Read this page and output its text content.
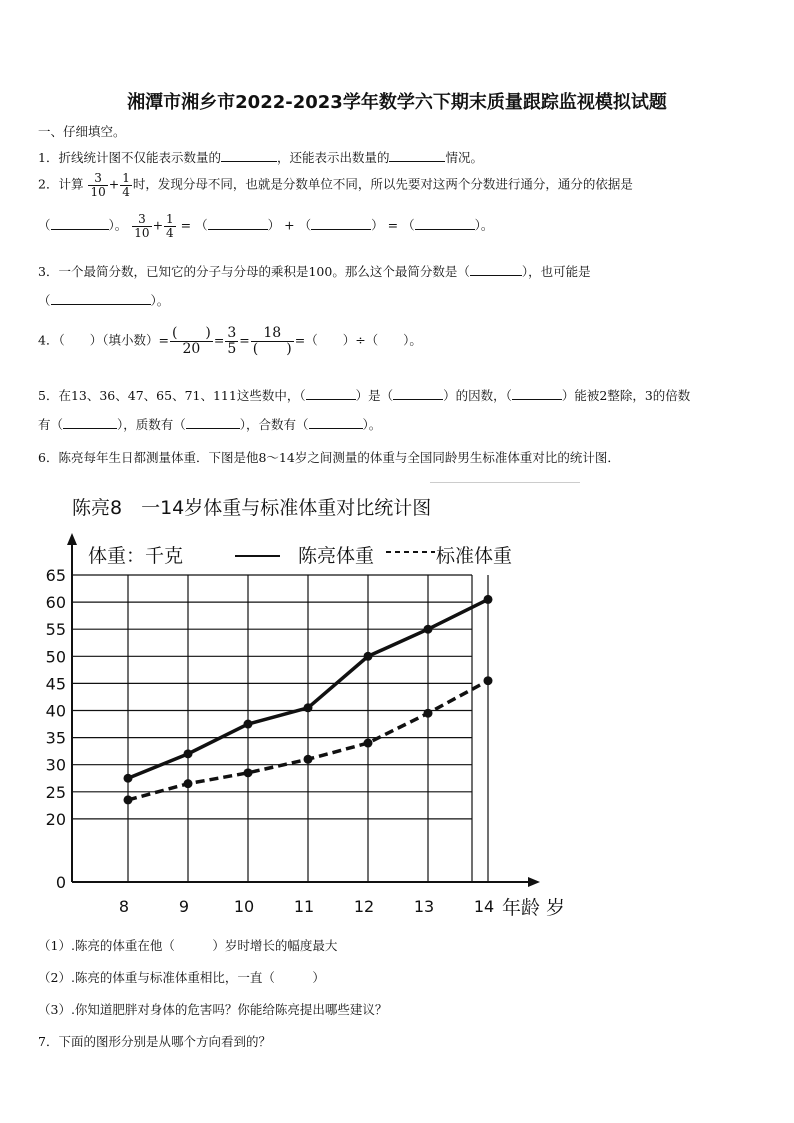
湘潭市湘乡市2022-2023学年数学六下期末质量跟踪监视模拟试题
一、仔细填空。
1．折线统计图不仅能表示数量的	，还能表示出数量的	情况。
2．计算 $\frac{3}{10} + \frac{1}{4}$ 时，发现分母不同，也就是分数单位不同，所以先要对这两个分数进行通分，通分的依据是
（	）。 $\frac{3}{10} + \frac{1}{4}$ = （	） + （	） = （	）。
3．一个最简分数，已知它的分子与分母的乘积是100。那么这个最简分数是（	），也可能是
（	）。
4．（　　）（填小数）= $\frac{( )}{20} = \frac{3}{5} = \frac{18}{( )}$ =（　　）÷（　　）。
5．在13、36、47、65、71、111这些数中，（	）是（	）的因数，（	）能被2整除，3的倍数
有（	），质数有（	），合数有（	）。
6．陈亮每年生日都测量体重．下图是他8～14岁之间测量的体重与全国同龄男生标准体重对比的统计图．
陈亮8　一14岁体重与标准体重对比统计图
体重：千克	陈亮体重	标准体重
0
20
25
30
35
40
45
50
55
60
65
8	9	10 11 12 13 14 年龄 岁
（1）.陈亮的体重在他（　　　）岁时增长的幅度最大
（2）.陈亮的体重与标准体重相比，一直（　　　）
（3）.你知道肥胖对身体的危害吗？你能给陈亮提出哪些建议？
7．下面的图形分别是从哪个方向看到的？
